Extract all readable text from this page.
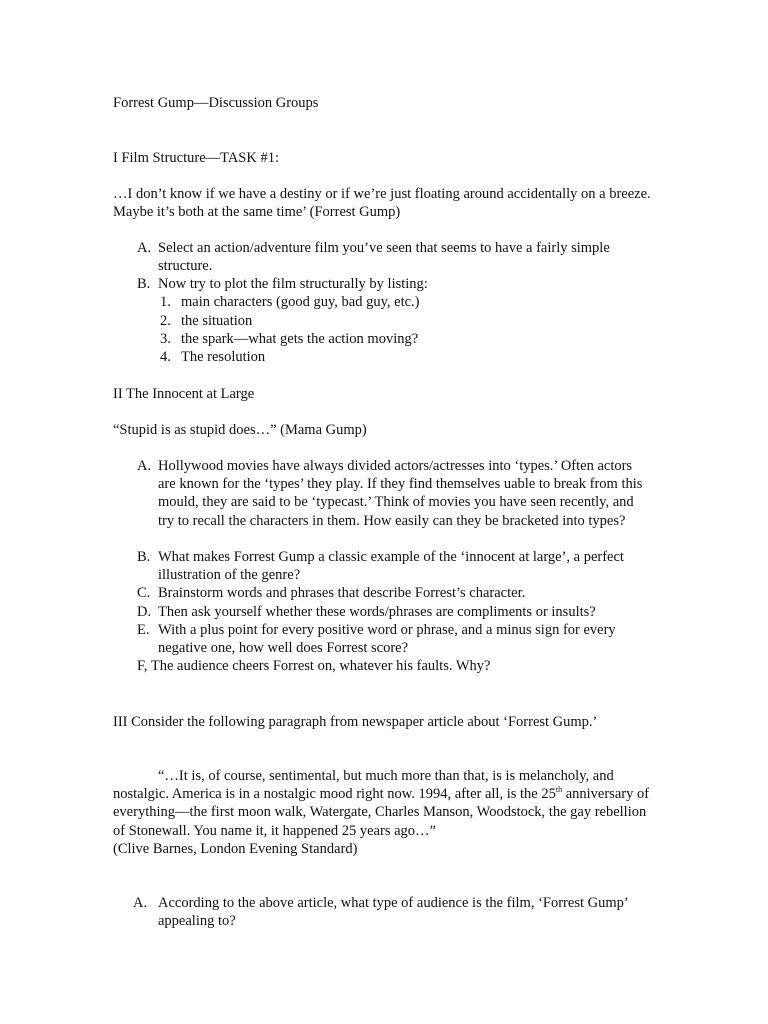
Forrest Gump—Discussion Groups

I Film Structure—TASK #1:

…I don’t know if we have a destiny or if we’re just floating around accidentally on a breeze. Maybe it’s both at the same time’ (Forrest Gump)

A. Select an action/adventure film you’ve seen that seems to have a fairly simple structure.
B. Now try to plot the film structurally by listing:
1. main characters (good guy, bad guy, etc.)
2. the situation
3. the spark—what gets the action moving?
4. The resolution

II The Innocent at Large

“Stupid is as stupid does…” (Mama Gump)

A. Hollywood movies have always divided actors/actresses into ‘types.’ Often actors are known for the ‘types’ they play. If they find themselves uable to break from this mould, they are said to be ‘typecast.’ Think of movies you have seen recently, and try to recall the characters in them. How easily can they be bracketed into types?
B. What makes Forrest Gump a classic example of the ‘innocent at large’, a perfect illustration of the genre?
C. Brainstorm words and phrases that describe Forrest’s character.
D. Then ask yourself whether these words/phrases are compliments or insults?
E. With a plus point for every positive word or phrase, and a minus sign for every negative one, how well does Forrest score?

F, The audience cheers Forrest on, whatever his faults. Why?

III Consider the following paragraph from newspaper article about ‘Forrest Gump.’

“…It is, of course, sentimental, but much more than that, is is melancholy, and nostalgic. America is in a nostalgic mood right now. 1994, after all, is the 25th anniversary of everything—the first moon walk, Watergate, Charles Manson, Woodstock, the gay rebellion of Stonewall. You name it, it happened 25 years ago…”

(Clive Barnes, London Evening Standard)

A. According to the above article, what type of audience is the film, ‘Forrest Gump’ appealing to?
